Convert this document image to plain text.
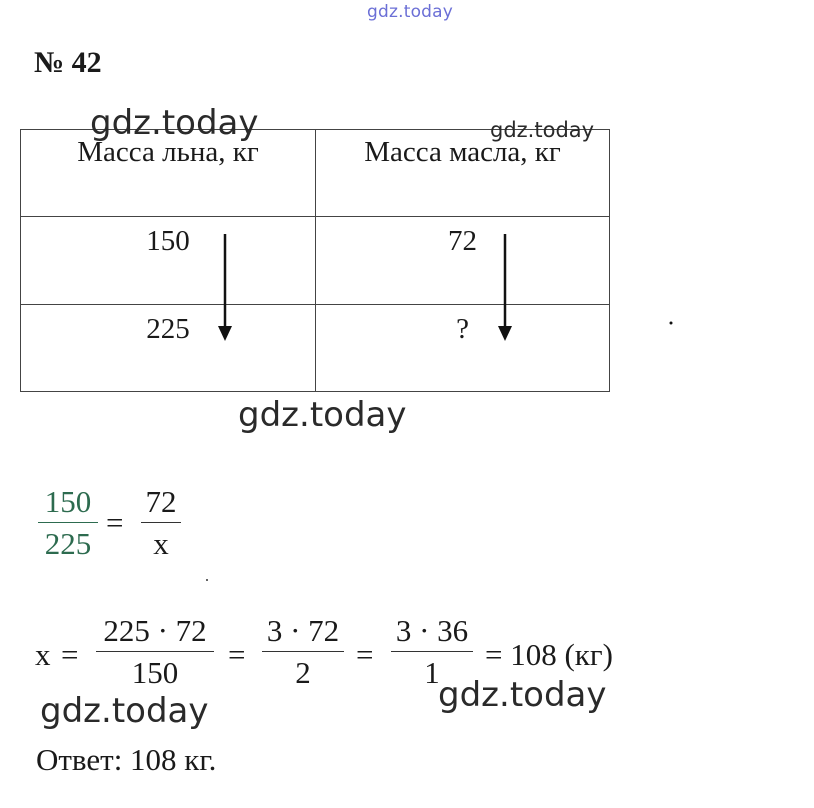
gdz.today
№ 42
Масса льна, кг	Масса масла, кг

150	72

225	?
150
225
=
72
x
x =
225 · 72
150
=
3 · 72
2
=
3 · 36
1
= 108 (кг)
Ответ: 108 кг.
gdz.today	gdz.today
gdz.today
gdz.today
gdz.today
